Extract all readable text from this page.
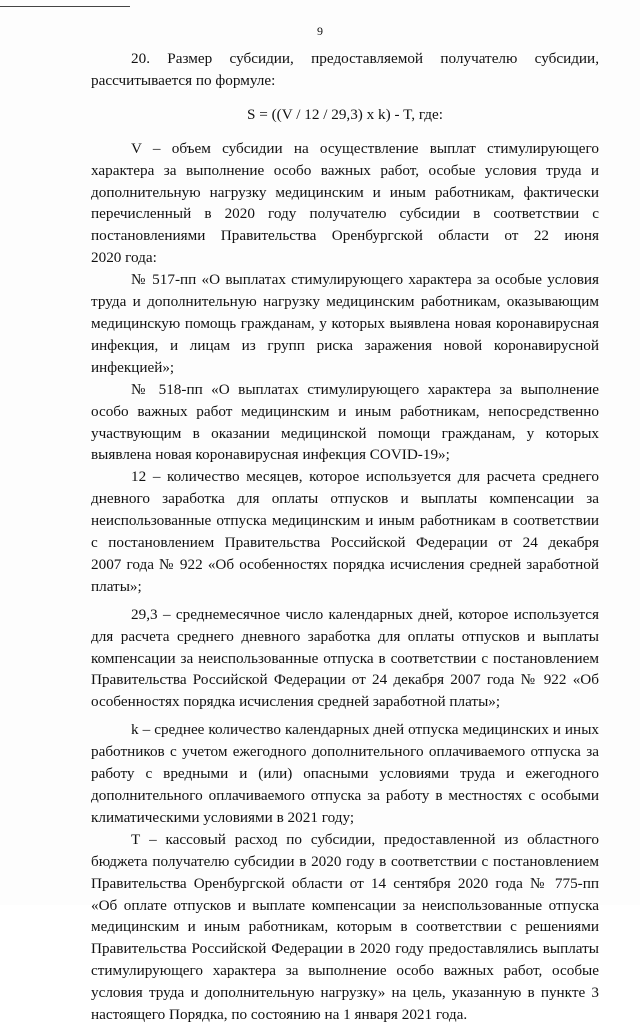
9
20. Размер субсидии, предоставляемой получателю субсидии,
рассчитывается по формуле:
S = ((V / 12 / 29,3) x k) - T, где:
V – объем субсидии на осуществление выплат стимулирующего
характера за выполнение особо важных работ, особые условия труда и
дополнительную нагрузку медицинским и иным работникам, фактически
перечисленный в 2020 году получателю субсидии в соответствии с
постановлениями Правительства Оренбургской области от 22 июня
2020 года:
№ 517-пп «О выплатах стимулирующего характера за особые условия
труда и дополнительную нагрузку медицинским работникам, оказывающим
медицинскую помощь гражданам, у которых выявлена новая коронавирусная
инфекция, и лицам из групп риска заражения новой коронавирусной
инфекцией»;
№ 518-пп «О выплатах стимулирующего характера за выполнение
особо важных работ медицинским и иным работникам, непосредственно
участвующим в оказании медицинской помощи гражданам, у которых
выявлена новая коронавирусная инфекция COVID-19»;
12 – количество месяцев, которое используется для расчета среднего
дневного заработка для оплаты отпусков и выплаты компенсации за
неиспользованные отпуска медицинским и иным работникам в соответствии
с постановлением Правительства Российской Федерации от 24 декабря
2007 года № 922 «Об особенностях порядка исчисления средней заработной
платы»;
29,3 – среднемесячное число календарных дней, которое используется
для расчета среднего дневного заработка для оплаты отпусков и выплаты
компенсации за неиспользованные отпуска в соответствии с постановлением
Правительства Российской Федерации от 24 декабря 2007 года № 922 «Об
особенностях порядка исчисления средней заработной платы»;
k – среднее количество календарных дней отпуска медицинских и иных
работников с учетом ежегодного дополнительного оплачиваемого отпуска за
работу с вредными и (или) опасными условиями труда и ежегодного
дополнительного оплачиваемого отпуска за работу в местностях с особыми
климатическими условиями в 2021 году;
Т – кассовый расход по субсидии, предоставленной из областного
бюджета получателю субсидии в 2020 году в соответствии с постановлением
Правительства Оренбургской области от 14 сентября 2020 года № 775-пп
«Об оплате отпусков и выплате компенсации за неиспользованные отпуска
медицинским и иным работникам, которым в соответствии с решениями
Правительства Российской Федерации в 2020 году предоставлялись выплаты
стимулирующего характера за выполнение особо важных работ, особые
условия труда и дополнительную нагрузку» на цель, указанную в пункте 3
настоящего Порядка, по состоянию на 1 января 2021 года.
